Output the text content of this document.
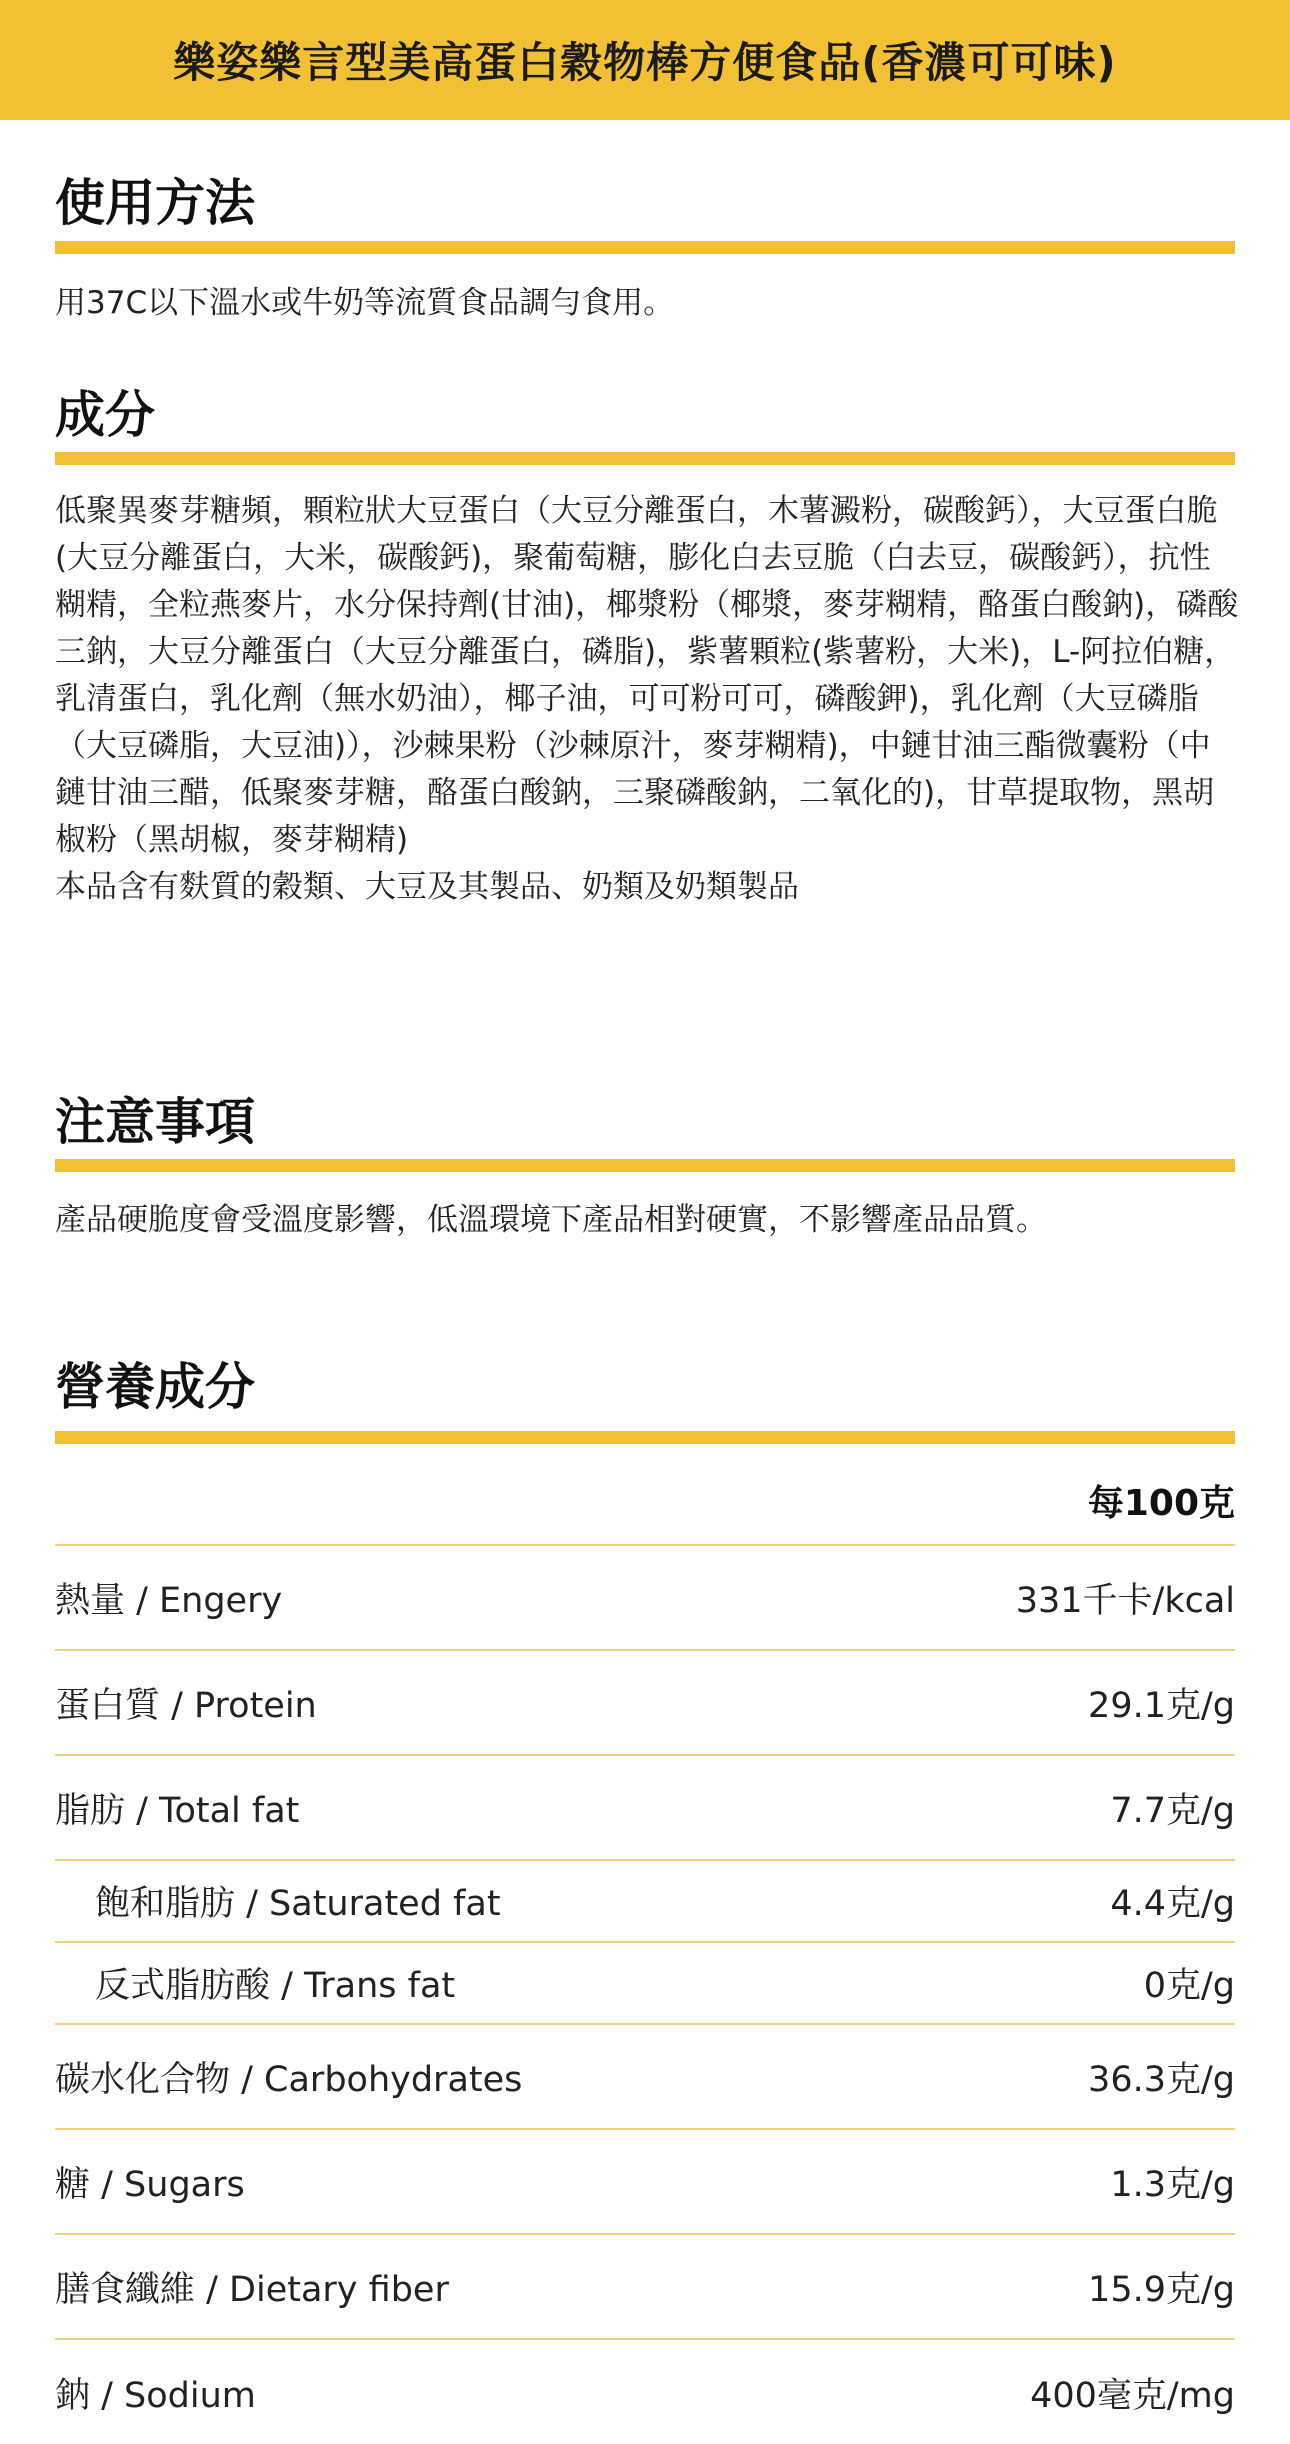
樂姿樂言型美高蛋白穀物棒方便食品(香濃可可味)
使用方法

用37C以下溫水或牛奶等流質食品調勻食用。

成分
低聚異麥芽糖頻，顆粒狀大豆蛋白（大豆分離蛋白，木薯澱粉，碳酸鈣），大豆蛋白脆(大豆分離蛋白，大米，碳酸鈣)，聚葡萄糖，膨化白去豆脆（白去豆，碳酸鈣），抗性糊精，全粒燕麥片，水分保持劑(甘油)，椰漿粉（椰漿，麥芽糊精，酪蛋白酸鈉)，磷酸三鈉，大豆分離蛋白（大豆分離蛋白，磷脂)，紫薯顆粒(紫薯粉，大米)，L-阿拉伯糖，乳清蛋白，乳化劑（無水奶油），椰子油，可可粉可可，磷酸鉀)，乳化劑（大豆磷脂（大豆磷脂，大豆油)），沙棘果粉（沙棘原汁，麥芽糊精)，中鏈甘油三酯微囊粉（中鏈甘油三醋，低聚麥芽糖，酪蛋白酸鈉，三聚磷酸鈉，二氧化的)，甘草提取物，黑胡椒粉（黑胡椒，麥芽糊精)
本品含有麩質的穀類、大豆及其製品、奶類及奶類製品
注意事項

產品硬脆度會受溫度影響，低溫環境下產品相對硬實，不影響產品品質。

營養成分
每100克
熱量 / Engery	331千卡/kcal
蛋白質 / Protein	29.1克/g
脂肪 / Total fat	7.7克/g
飽和脂肪 / Saturated fat	4.4克/g
反式脂肪酸 / Trans fat	0克/g
碳水化合物 / Carbohydrates	36.3克/g
糖 / Sugars	1.3克/g
膳食纖維 / Dietary fiber	15.9克/g
鈉 / Sodium	400毫克/mg
